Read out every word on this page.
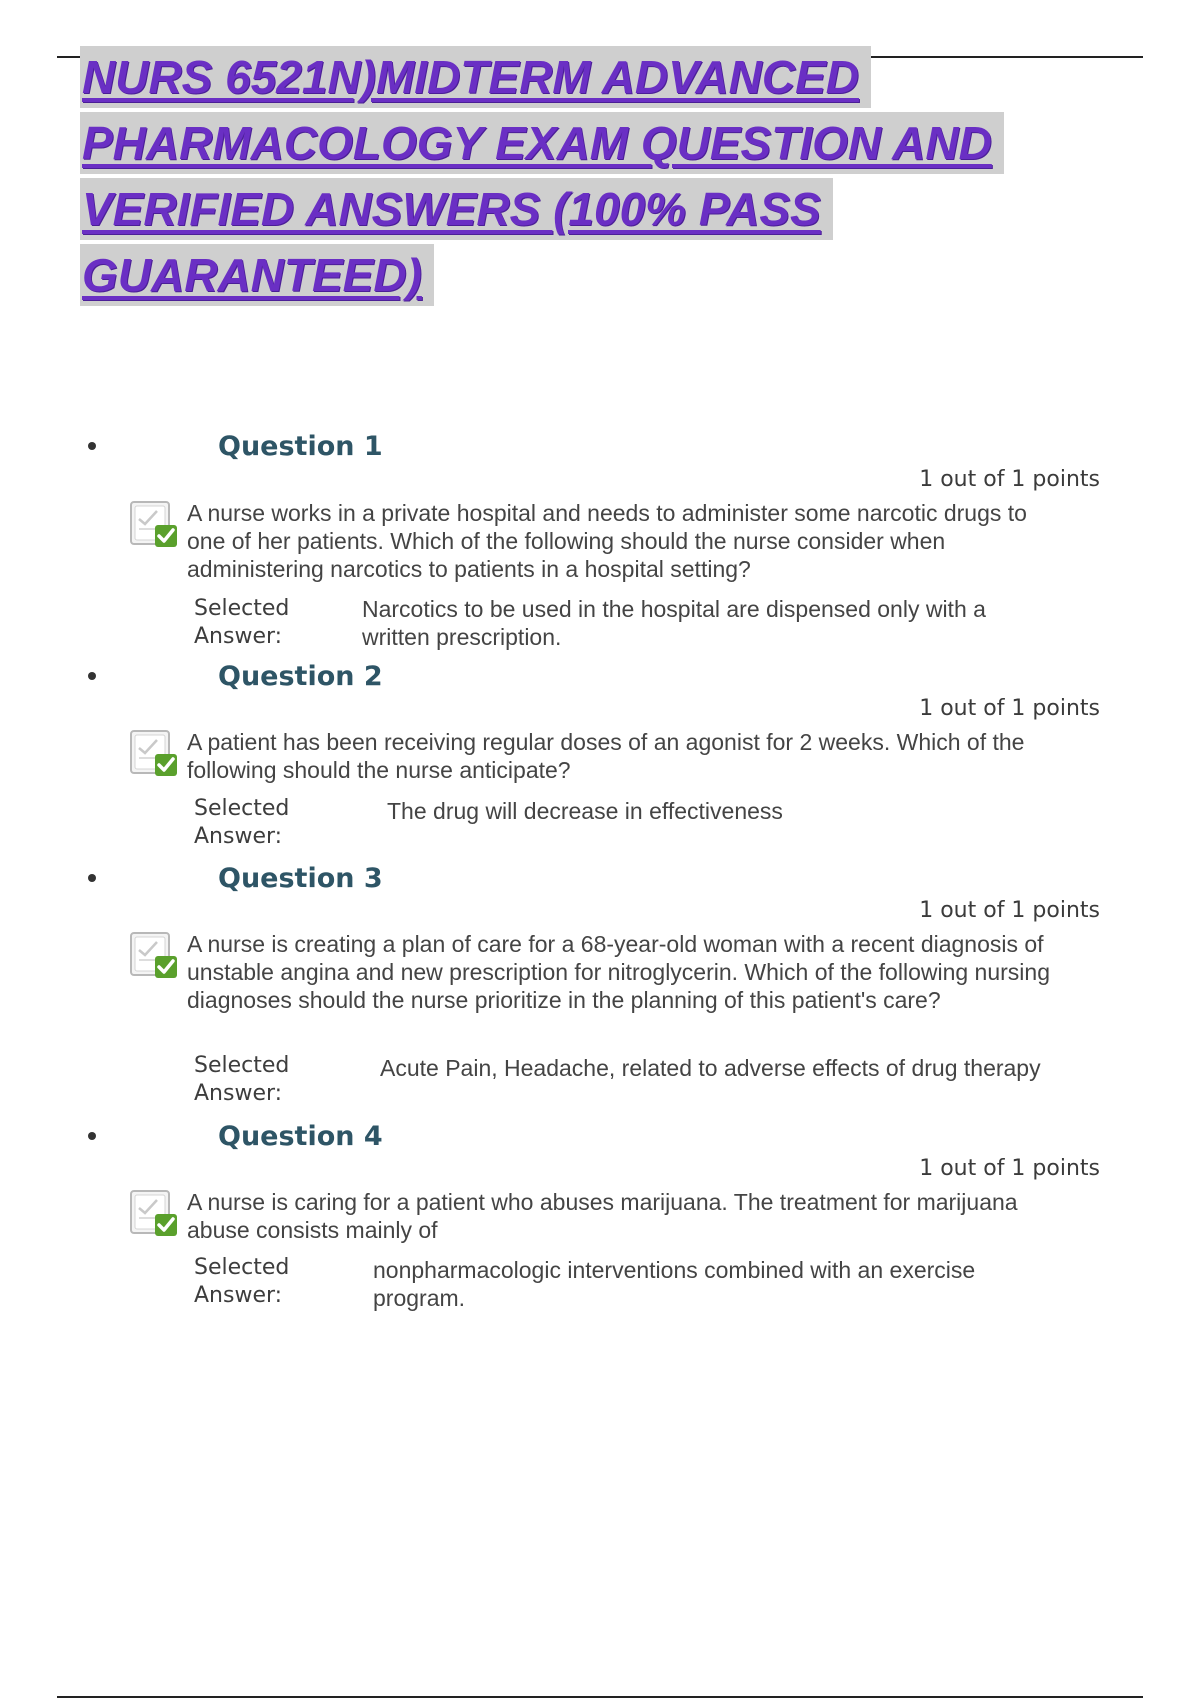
NURS 6521N)MIDTERM ADVANCED
PHARMACOLOGY EXAM QUESTION AND
VERIFIED ANSWERS (100% PASS
GUARANTEED)
Question 1
1 out of 1 points
A nurse works in a private hospital and needs to administer some narcotic drugs to one of her patients. Which of the following should the nurse consider when administering narcotics to patients in a hospital setting?
Selected
Answer:
Narcotics to be used in the hospital are dispensed only with a written prescription.
Question 2
1 out of 1 points
A patient has been receiving regular doses of an agonist for 2 weeks. Which of the following should the nurse anticipate?
Selected
Answer:
The drug will decrease in effectiveness
Question 3
1 out of 1 points
A nurse is creating a plan of care for a 68-year-old woman with a recent diagnosis of unstable angina and new prescription for nitroglycerin. Which of the following nursing diagnoses should the nurse prioritize in the planning of this patient's care?
Selected
Answer:
Acute Pain, Headache, related to adverse effects of drug therapy
Question 4
1 out of 1 points
A nurse is caring for a patient who abuses marijuana. The treatment for marijuana abuse consists mainly of
Selected
Answer:
nonpharmacologic interventions combined with an exercise program.
